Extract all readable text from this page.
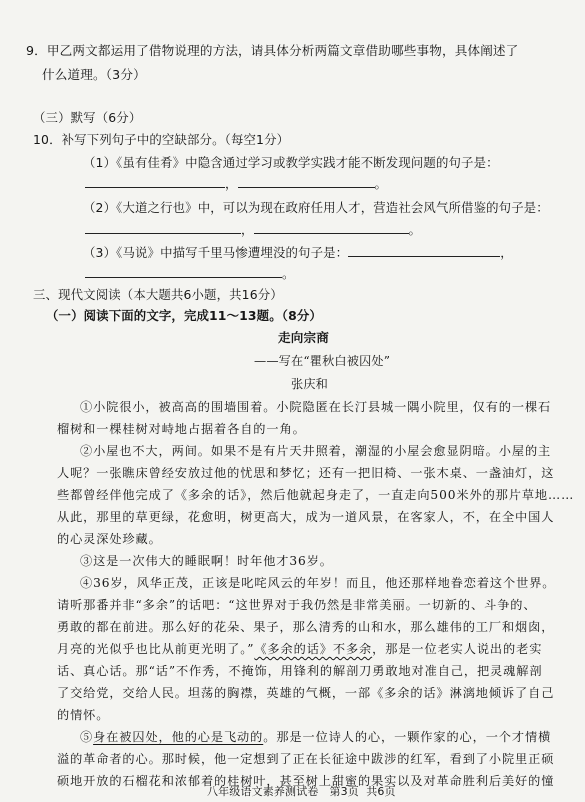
9．甲乙两文都运用了借物说理的方法，请具体分析两篇文章借助哪些事物，具体阐述了
什么道理。（3分）
（三）默写（6分）
10．补写下列句子中的空缺部分。（每空1分）
（1）《虽有佳肴》中隐含通过学习或教学实践才能不断发现问题的句子是：
，	。
（2）《大道之行也》中，可以为现在政府任用人才，营造社会风气所借鉴的句子是：
，	。
（3）《马说》中描写千里马惨遭埋没的句子是：	，
。
三、现代文阅读（本大题共6小题，共16分）
（一）阅读下面的文字，完成11～13题。（8分）
走向宗商
——写在“瞿秋白被囚处”
张庆和
①小院很小，被高高的围墙围着。小院隐匿在长汀县城一隅小院里，仅有的一棵石
榴树和一棵桂树对峙地占据着各自的一角。
②小屋也不大，两间。如果不是有片天井照着，潮湿的小屋会愈显阴暗。小屋的主
人呢？一张瞧床曾经安放过他的忧思和梦忆；还有一把旧椅、一张木桌、一盏油灯，这
些都曾经伴他完成了《多余的话》，然后他就起身走了，一直走向500米外的那片草地……
从此，那里的草更绿，花愈明，树更高大，成为一道风景，在客家人，不，在全中国人
的心灵深处珍藏。
③这是一次伟大的睡眠啊！时年他才36岁。
④36岁，风华正茂，正该是叱咤风云的年岁！而且，他还那样地眷恋着这个世界。
请听那番并非“多余”的话吧：“这世界对于我仍然是非常美丽。一切新的、斗争的、
勇敢的都在前进。那么好的花朵、果子，那么清秀的山和水，那么雄伟的工厂和烟囱，
月亮的光似乎也比从前更光明了。”《多余的话》不多余，那是一位老实人说出的老实
话、真心话。那“话”不作秀，不掩饰，用锋利的解剖刀勇敢地对准自己，把灵魂解剖
了交给党，交给人民。坦荡的胸襟，英雄的气概，一部《多余的话》淋漓地倾诉了自己
的情怀。
⑤身在被囚处，他的心是飞动的。那是一位诗人的心，一颗作家的心，一个才情横
溢的革命者的心。那时候，他一定想到了正在长征途中跋涉的红军，看到了小院里正硕
硕地开放的石榴花和浓郁着的桂树叶，甚至树上甜蜜的果实以及对革命胜利后美好的憧
八年级语文素养测试卷 第3页 共6页
